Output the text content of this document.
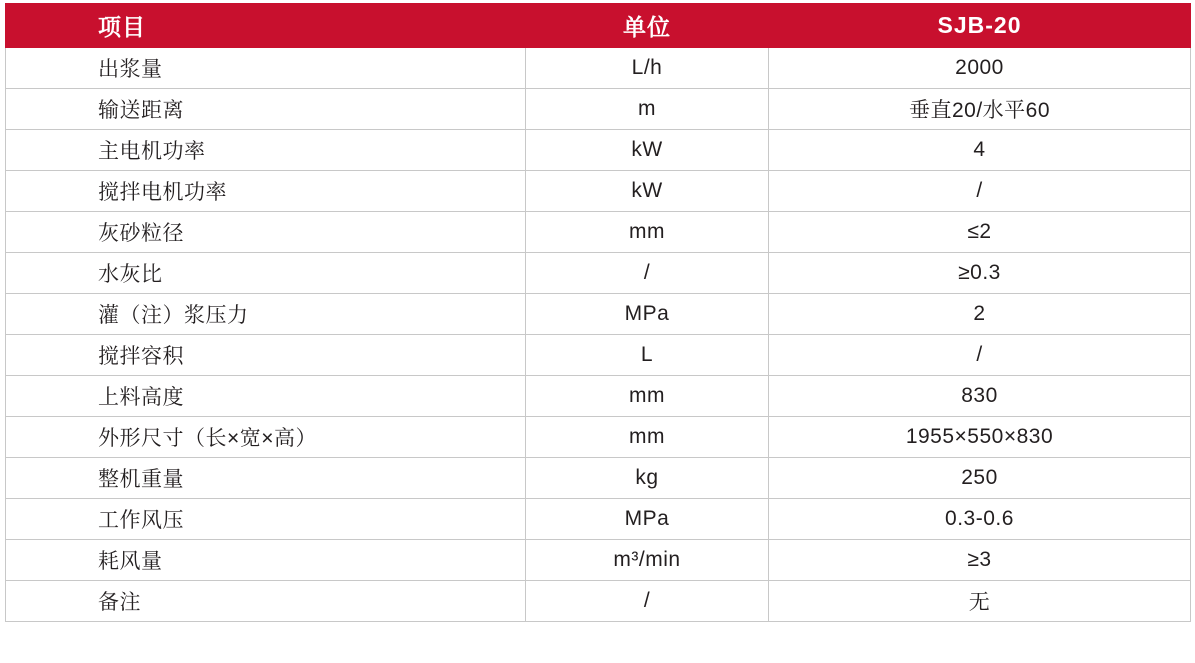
项目	单位	SJB-20
出浆量	L/h	2000
输送距离	m	垂直20/水平60
主电机功率	kW	4
搅拌电机功率	kW	/
灰砂粒径	mm	≤2
水灰比	/	≥0.3
灌（注）浆压力	MPa	2
搅拌容积	L	/
上料高度	mm	830
外形尺寸（长×宽×高）	mm	1955×550×830
整机重量	kg	250
工作风压	MPa	0.3-0.6
耗风量	m³/min	≥3
备注	/	无
